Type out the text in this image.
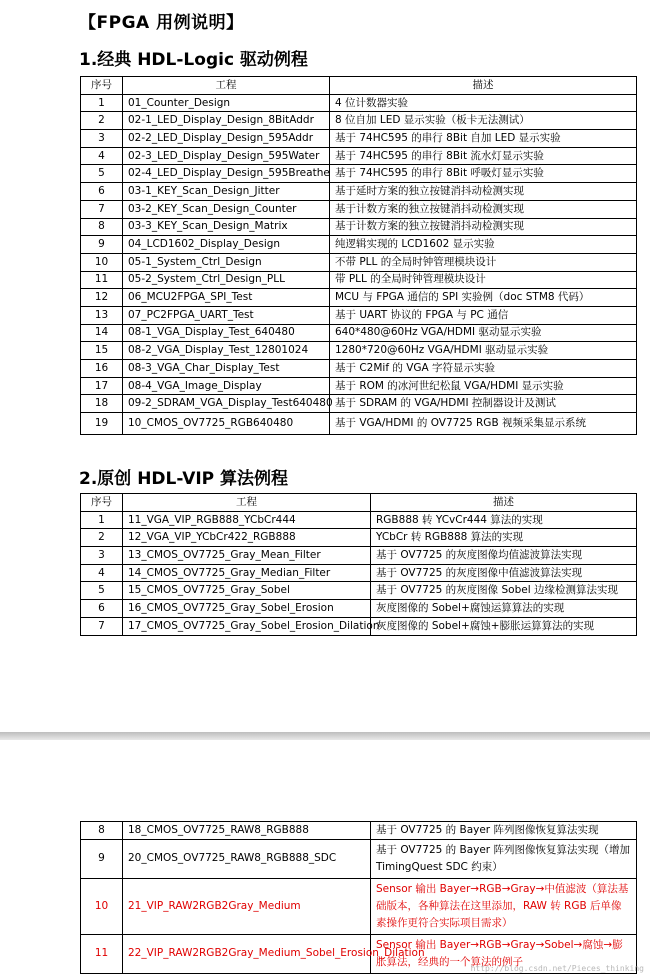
【FPGA 用例说明】
1.经典 HDL-Logic 驱动例程
序号	工程	描述
1	01_Counter_Design	4 位计数器实验
2	02-1_LED_Display_Design_8BitAddr	8 位自加 LED 显示实验（板卡无法测试）
3	02-2_LED_Display_Design_595Addr	基于 74HC595 的串行 8Bit 自加 LED 显示实验
4	02-3_LED_Display_Design_595Water	基于 74HC595 的串行 8Bit 流水灯显示实验
5	02-4_LED_Display_Design_595Breathe	基于 74HC595 的串行 8Bit 呼吸灯显示实验
6	03-1_KEY_Scan_Design_Jitter	基于延时方案的独立按键消抖动检测实现
7	03-2_KEY_Scan_Design_Counter	基于计数方案的独立按键消抖动检测实现
8	03-3_KEY_Scan_Design_Matrix	基于计数方案的独立按键消抖动检测实现
9	04_LCD1602_Display_Design	纯逻辑实现的 LCD1602 显示实验
10	05-1_System_Ctrl_Design	不带 PLL 的全局时钟管理模块设计
11	05-2_System_Ctrl_Design_PLL	带 PLL 的全局时钟管理模块设计
12	06_MCU2FPGA_SPI_Test	MCU 与 FPGA 通信的 SPI 实验例（doc STM8 代码）
13	07_PC2FPGA_UART_Test	基于 UART 协议的 FPGA 与 PC 通信
14	08-1_VGA_Display_Test_640480	640*480@60Hz VGA/HDMI 驱动显示实验
15	08-2_VGA_Display_Test_12801024	1280*720@60Hz VGA/HDMI 驱动显示实验
16	08-3_VGA_Char_Display_Test	基于 C2Mif 的 VGA 字符显示实验
17	08-4_VGA_Image_Display	基于 ROM 的冰河世纪松鼠 VGA/HDMI 显示实验
18	09-2_SDRAM_VGA_Display_Test640480	基于 SDRAM 的 VGA/HDMI 控制器设计及测试
19	10_CMOS_OV7725_RGB640480	基于 VGA/HDMI 的 OV7725 RGB 视频采集显示系统
2.原创 HDL-VIP 算法例程
序号	工程	描述
1	11_VGA_VIP_RGB888_YCbCr444	RGB888 转 YCvCr444 算法的实现
2	12_VGA_VIP_YCbCr422_RGB888	YCbCr 转 RGB888 算法的实现
3	13_CMOS_OV7725_Gray_Mean_Filter	基于 OV7725 的灰度图像均值滤波算法实现
4	14_CMOS_OV7725_Gray_Median_Filter	基于 OV7725 的灰度图像中值滤波算法实现
5	15_CMOS_OV7725_Gray_Sobel	基于 OV7725 的灰度图像 Sobel 边缘检测算法实现
6	16_CMOS_OV7725_Gray_Sobel_Erosion	灰度图像的 Sobel+腐蚀运算算法的实现
7	17_CMOS_OV7725_Gray_Sobel_Erosion_Dilation	灰度图像的 Sobel+腐蚀+膨胀运算算法的实现
8	18_CMOS_OV7725_RAW8_RGB888	基于 OV7725 的 Bayer 阵列图像恢复算法实现
9	20_CMOS_OV7725_RAW8_RGB888_SDC	基于 OV7725 的 Bayer 阵列图像恢复算法实现（增加 TimingQuest SDC 约束）
10	21_VIP_RAW2RGB2Gray_Medium	Sensor 输出 Bayer→RGB→Gray→中值滤波（算法基础版本，各种算法在这里添加，RAW 转 RGB 后单像素操作更符合实际项目需求）
11	22_VIP_RAW2RGB2Gray_Medium_Sobel_Erosion_Dilation	Sensor 输出 Bayer→RGB→Gray→Sobel→腐蚀→膨胀算法，经典的一个算法的例子
http://blog.csdn.net/Pieces_thinking
